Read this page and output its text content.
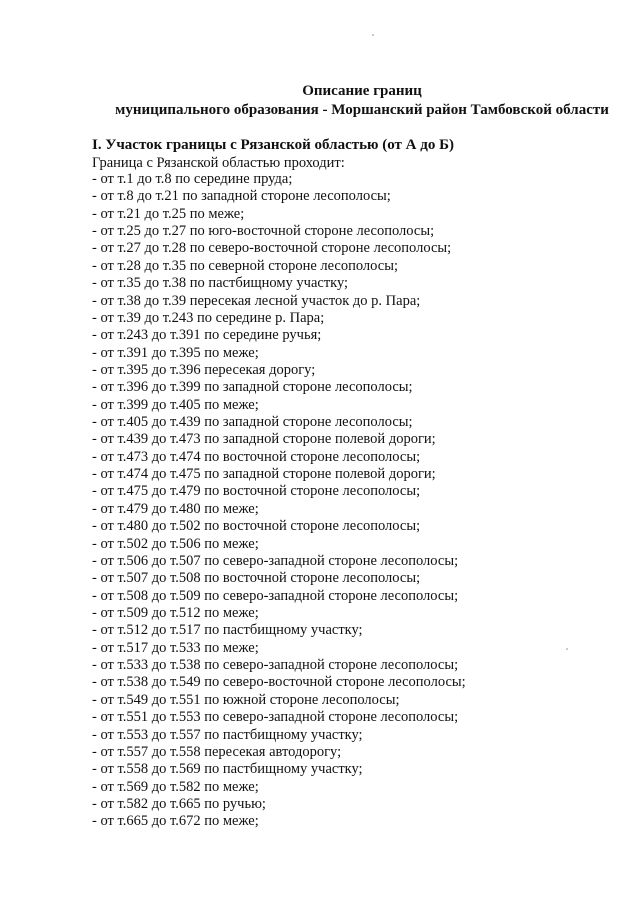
Описание границ
муниципального образования - Моршанский район Тамбовской области
I. Участок границы с Рязанской областью (от А до Б)
Граница с Рязанской областью проходит:
- от т.1 до т.8 по середине пруда;
- от т.8 до т.21 по западной стороне лесополосы;
- от т.21 до т.25 по меже;
- от т.25 до т.27 по юго-восточной стороне лесополосы;
- от т.27 до т.28 по северо-восточной стороне лесополосы;
- от т.28 до т.35 по северной стороне лесополосы;
- от т.35 до т.38 по пастбищному участку;
- от т.38 до т.39 пересекая лесной участок до р. Пара;
- от т.39 до т.243 по середине р. Пара;
- от т.243 до т.391 по середине ручья;
- от т.391 до т.395 по меже;
- от т.395 до т.396 пересекая дорогу;
- от т.396 до т.399 по западной стороне лесополосы;
- от т.399 до т.405 по меже;
- от т.405 до т.439 по западной стороне лесополосы;
- от т.439 до т.473 по западной стороне полевой дороги;
- от т.473 до т.474 по восточной стороне лесополосы;
- от т.474 до т.475 по западной стороне полевой дороги;
- от т.475 до т.479 по восточной стороне лесополосы;
- от т.479 до т.480 по меже;
- от т.480 до т.502 по восточной стороне лесополосы;
- от т.502 до т.506 по меже;
- от т.506 до т.507 по северо-западной стороне лесополосы;
- от т.507 до т.508 по восточной стороне лесополосы;
- от т.508 до т.509 по северо-западной стороне лесополосы;
- от т.509 до т.512 по меже;
- от т.512 до т.517 по пастбищному участку;
- от т.517 до т.533 по меже;
- от т.533 до т.538 по северо-западной стороне лесополосы;
- от т.538 до т.549 по северо-восточной стороне лесополосы;
- от т.549 до т.551 по южной стороне лесополосы;
- от т.551 до т.553 по северо-западной стороне лесополосы;
- от т.553 до т.557 по пастбищному участку;
- от т.557 до т.558 пересекая автодорогу;
- от т.558 до т.569 по пастбищному участку;
- от т.569 до т.582 по меже;
- от т.582 до т.665 по ручью;
- от т.665 до т.672 по меже;
